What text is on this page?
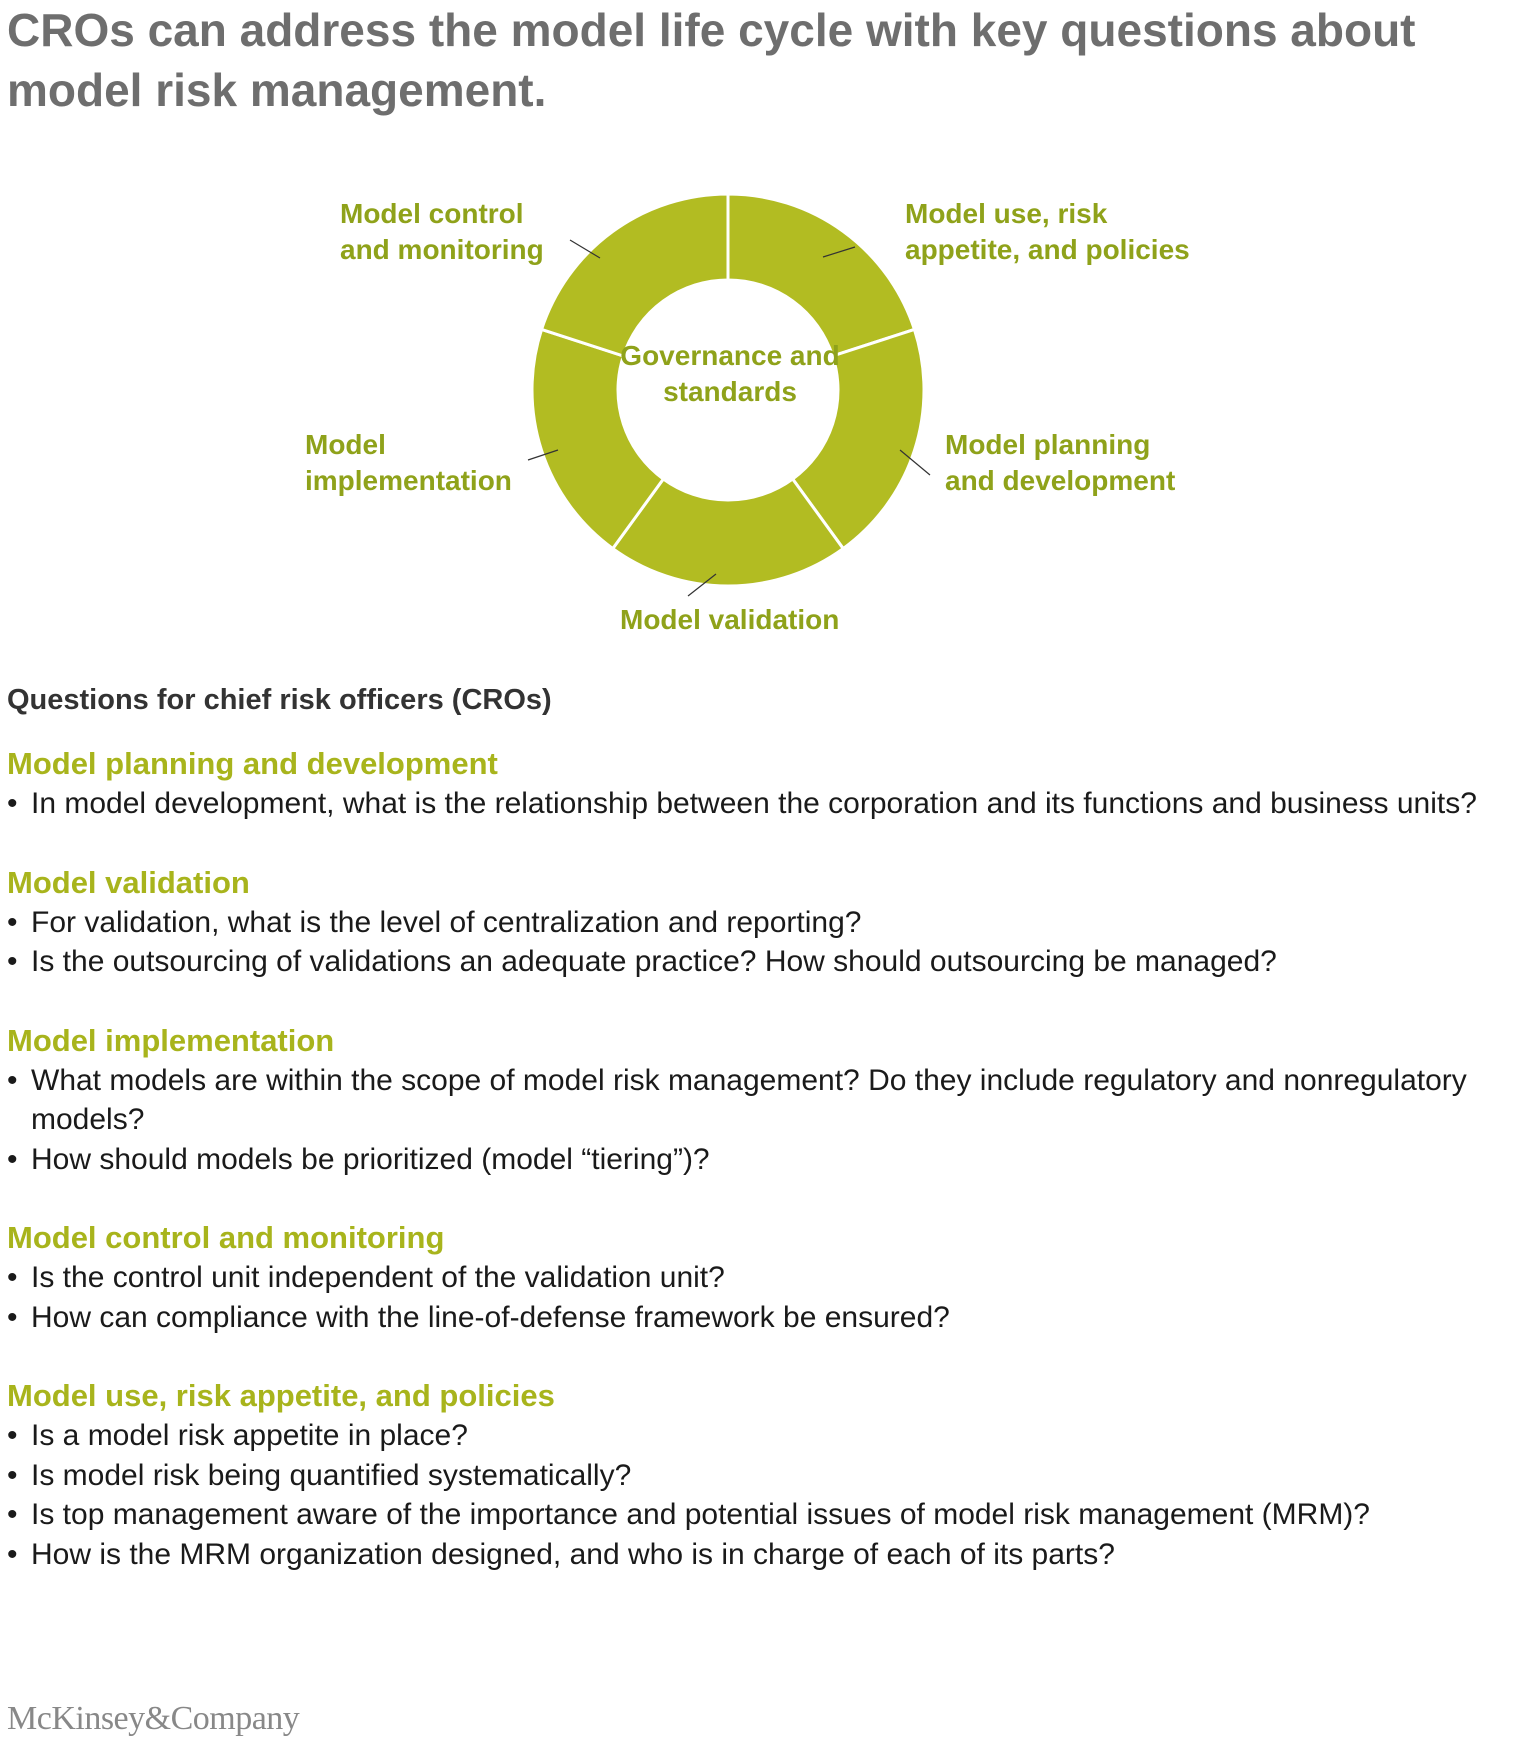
CROs can address the model life cycle with key questions about model risk management.
Governance and standards
Model use, risk
appetite, and policies
Model planning
and development
Model validation
Model
implementation
Model control
and monitoring
Questions for chief risk officers (CROs)
Model planning and development
• In model development, what is the relationship between the corporation and its functions and business units?
Model validation
• For validation, what is the level of centralization and reporting?
• Is the outsourcing of validations an adequate practice? How should outsourcing be managed?
Model implementation
• What models are within the scope of model risk management? Do they include regulatory and nonregulatory models?
• How should models be prioritized (model “tiering”)?
Model control and monitoring
• Is the control unit independent of the validation unit?
• How can compliance with the line-of-defense framework be ensured?
Model use, risk appetite, and policies
• Is a model risk appetite in place?
• Is model risk being quantified systematically?
• Is top management aware of the importance and potential issues of model risk management (MRM)?
• How is the MRM organization designed, and who is in charge of each of its parts?
McKinsey&Company
